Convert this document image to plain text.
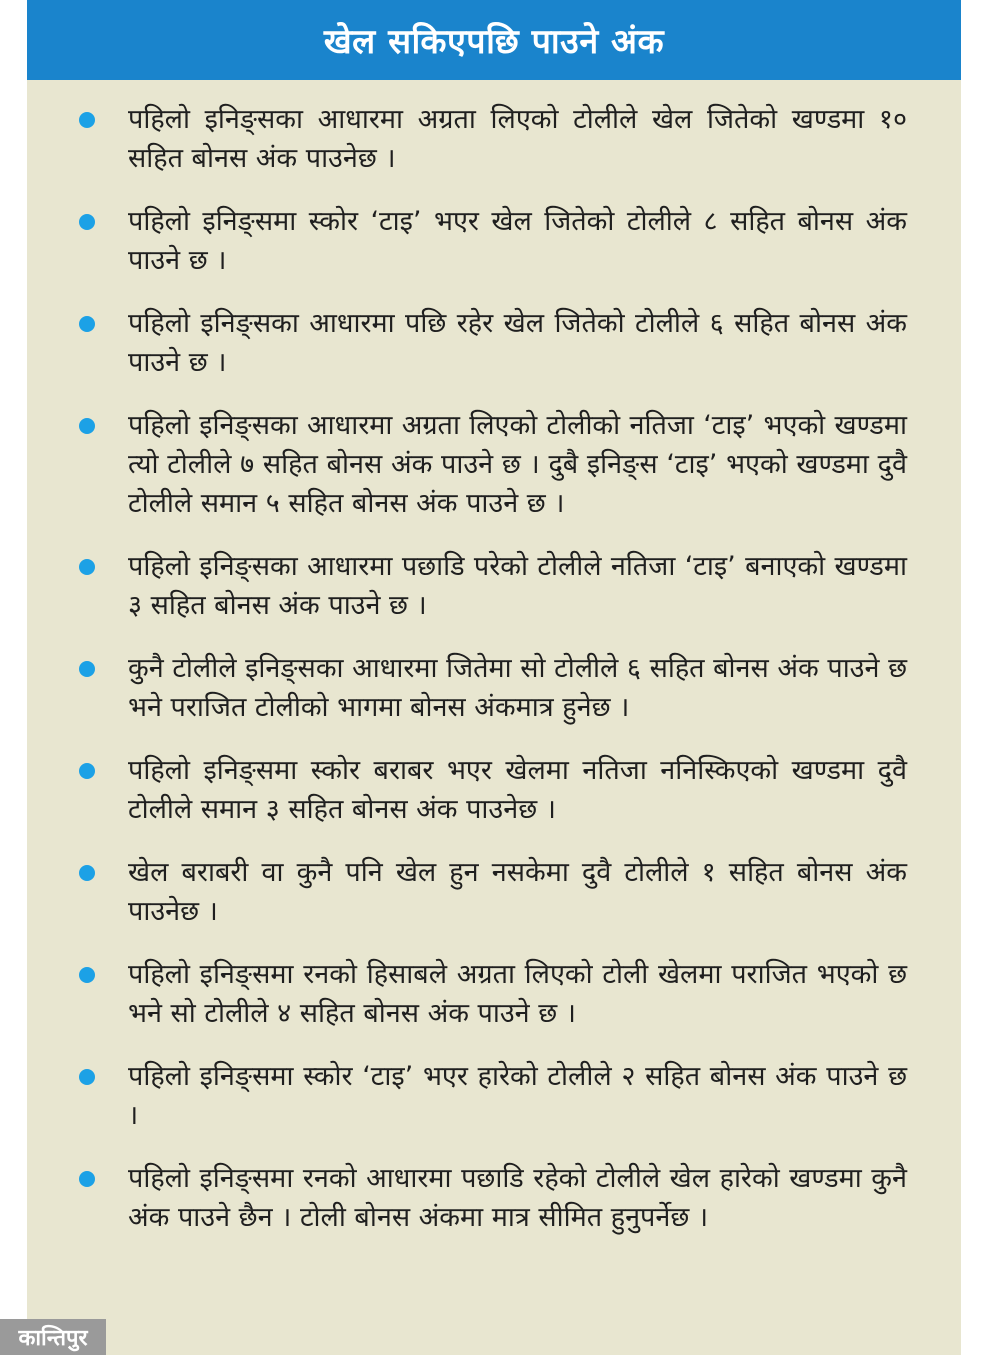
खेल सकिएपछि पाउने अंक
पहिलो इनिङ्सका आधारमा अग्रता लिएको टोलीले खेल जितेको खण्डमा १० सहित बोनस अंक पाउनेछ ।
पहिलो इनिङ्समा स्कोर ‘टाइ’ भएर खेल जितेको टोलीले ८ सहित बोनस अंक पाउने छ ।
पहिलो इनिङ्सका आधारमा पछि रहेर खेल जितेको टोलीले ६ सहित बोनस अंक पाउने छ ।
पहिलो इनिङ्सका आधारमा अग्रता लिएको टोलीको नतिजा ‘टाइ’ भएको खण्डमा त्यो टोलीले ७ सहित बोनस अंक पाउने छ । दुबै इनिङ्स ‘टाइ’ भएको खण्डमा दुवै टोलीले समान ५ सहित बोनस अंक पाउने छ ।
पहिलो इनिङ्सका आधारमा पछाडि परेको टोलीले नतिजा ‘टाइ’ बनाएको खण्डमा ३ सहित बोनस अंक पाउने छ ।
कुनै टोलीले इनिङ्सका आधारमा जितेमा सो टोलीले ६ सहित बोनस अंक पाउने छ भने पराजित टोलीको भागमा बोनस अंकमात्र हुनेछ ।
पहिलो इनिङ्समा स्कोर बराबर भएर खेलमा नतिजा ननिस्किएको खण्डमा दुवै टोलीले समान ३ सहित बोनस अंक पाउनेछ ।
खेल बराबरी वा कुनै पनि खेल हुन नसकेमा दुवै टोलीले १ सहित बोनस अंक पाउनेछ ।
पहिलो इनिङ्समा रनको हिसाबले अग्रता लिएको टोली खेलमा पराजित भएको छ भने सो टोलीले ४ सहित बोनस अंक पाउने छ ।
पहिलो इनिङ्समा स्कोर ‘टाइ’ भएर हारेको टोलीले २ सहित बोनस अंक पाउने छ ।
पहिलो इनिङ्समा रनको आधारमा पछाडि रहेको टोलीले खेल हारेको खण्डमा कुनै अंक पाउने छैन । टोली बोनस अंकमा मात्र सीमित हुनुपर्नेछ ।
कान्तिपुर
